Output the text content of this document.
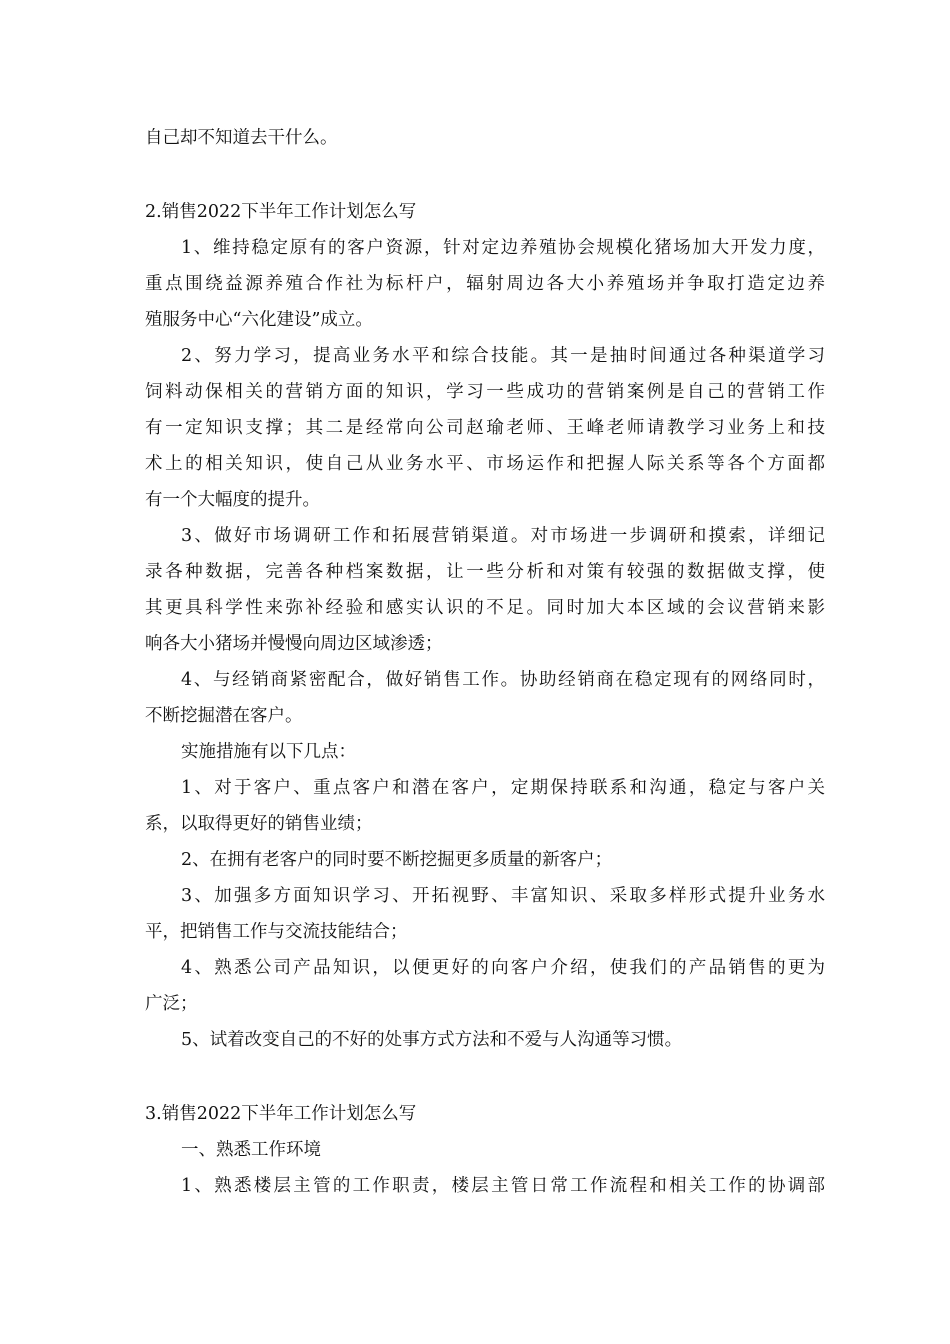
自己却不知道去干什么。
2.销售2022下半年工作计划怎么写
1、维持稳定原有的客户资源，针对定边养殖协会规模化猪场加大开发力度，
重点围绕益源养殖合作社为标杆户，辐射周边各大小养殖场并争取打造定边养
殖服务中心“六化建设”成立。
2、努力学习，提高业务水平和综合技能。其一是抽时间通过各种渠道学习
饲料动保相关的营销方面的知识，学习一些成功的营销案例是自己的营销工作
有一定知识支撑；其二是经常向公司赵瑜老师、王峰老师请教学习业务上和技
术上的相关知识，使自己从业务水平、市场运作和把握人际关系等各个方面都
有一个大幅度的提升。
3、做好市场调研工作和拓展营销渠道。对市场进一步调研和摸索，详细记
录各种数据，完善各种档案数据，让一些分析和对策有较强的数据做支撑，使
其更具科学性来弥补经验和感实认识的不足。同时加大本区域的会议营销来影
响各大小猪场并慢慢向周边区域渗透；
4、与经销商紧密配合，做好销售工作。协助经销商在稳定现有的网络同时，
不断挖掘潜在客户。
实施措施有以下几点：
1、对于客户、重点客户和潜在客户，定期保持联系和沟通，稳定与客户关
系，以取得更好的销售业绩；
2、在拥有老客户的同时要不断挖掘更多质量的新客户；
3、加强多方面知识学习、开拓视野、丰富知识、采取多样形式提升业务水
平，把销售工作与交流技能结合；
4、熟悉公司产品知识，以便更好的向客户介绍，使我们的产品销售的更为
广泛；
5、试着改变自己的不好的处事方式方法和不爱与人沟通等习惯。
3.销售2022下半年工作计划怎么写
一、熟悉工作环境
1、熟悉楼层主管的工作职责，楼层主管日常工作流程和相关工作的协调部
